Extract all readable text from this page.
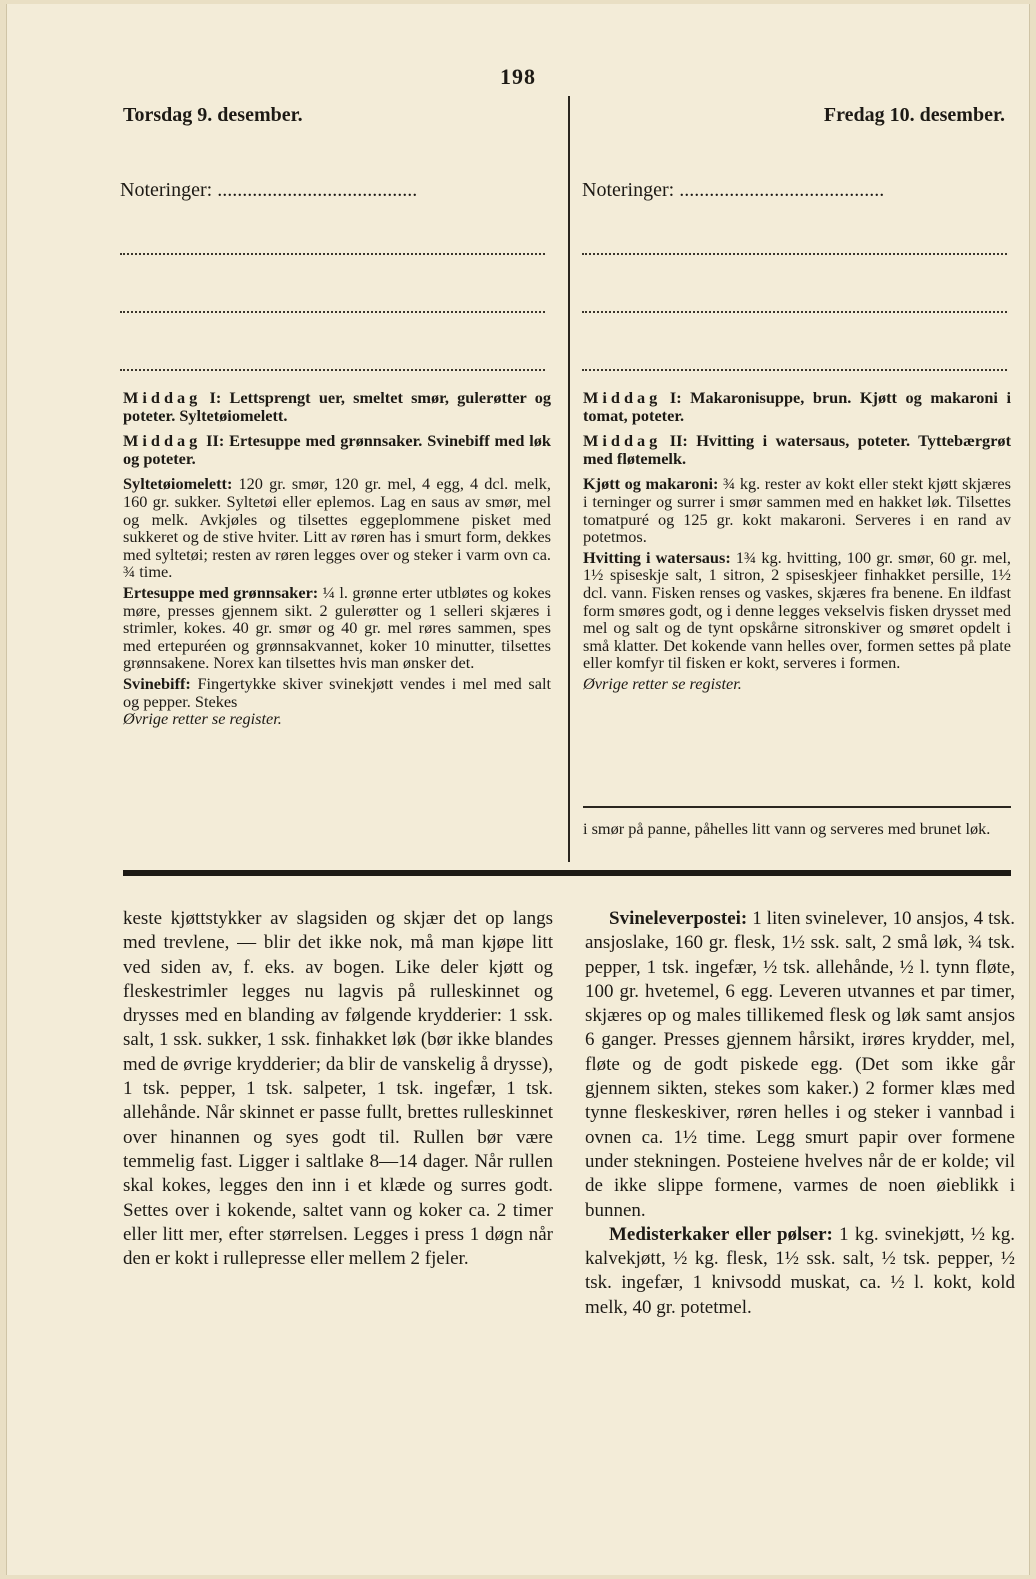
198
Torsdag 9. desember.	Fredag 10. desember.
Noteringer: ........................................	Noteringer: .........................................

Middag I: Lettsprengt uer, smeltet smør, gulerøtter og poteter. Syltetøiomelett.

Middag II: Ertesuppe med grønnsaker. Svinebiff med løk og poteter.

Syltetøiomelett: 120 gr. smør, 120 gr. mel, 4 egg, 4 dcl. melk, 160 gr. sukker. Syltetøi eller eplemos. Lag en saus av smør, mel og melk. Avkjøles og tilsettes eggeplommene pisket med sukkeret og de stive hviter. Litt av røren has i smurt form, dekkes med syltetøi; resten av røren legges over og steker i varm ovn ca. ¾ time.

Ertesuppe med grønnsaker: ¼ l. grønne erter utbløtes og kokes møre, presses gjennem sikt. 2 gulerøtter og 1 selleri skjæres i strimler, kokes. 40 gr. smør og 40 gr. mel røres sammen, spes med ertepuréen og grønnsakvannet, koker 10 minutter, tilsettes grønnsakene. Norex kan tilsettes hvis man ønsker det.

Svinebiff: Fingertykke skiver svinekjøtt vendes i mel med salt og pepper. Stekes

Øvrige retter se register.

Middag I: Makaronisuppe, brun. Kjøtt og makaroni i tomat, poteter.

Middag II: Hvitting i watersaus, poteter. Tyttebærgrøt med fløtemelk.

Kjøtt og makaroni: ¾ kg. rester av kokt eller stekt kjøtt skjæres i terninger og surrer i smør sammen med en hakket løk. Tilsettes tomatpuré og 125 gr. kokt makaroni. Serveres i en rand av potetmos.

Hvitting i watersaus: 1¾ kg. hvitting, 100 gr. smør, 60 gr. mel, 1½ spiseskje salt, 1 sitron, 2 spiseskjeer finhakket persille, 1½ dcl. vann. Fisken renses og vaskes, skjæres fra benene. En ildfast form smøres godt, og i denne legges vekselvis fisken drysset med mel og salt og de tynt opskårne sitronskiver og smøret opdelt i små klatter. Det kokende vann helles over, formen settes på plate eller komfyr til fisken er kokt, serveres i formen.

Øvrige retter se register.

i smør på panne, påhelles litt vann og serveres med brunet løk.

keste kjøttstykker av slagsiden og skjær det op langs med trevlene, — blir det ikke nok, må man kjøpe litt ved siden av, f. eks. av bogen. Like deler kjøtt og fleskestrimler legges nu lagvis på rulleskinnet og drysses med en blanding av følgende krydderier: 1 ssk. salt, 1 ssk. sukker, 1 ssk. finhakket løk (bør ikke blandes med de øvrige krydderier; da blir de vanskelig å drysse), 1 tsk. pepper, 1 tsk. salpeter, 1 tsk. ingefær, 1 tsk. allehånde. Når skinnet er passe fullt, brettes rulleskinnet over hinannen og syes godt til. Rullen bør være temmelig fast. Ligger i saltlake 8—14 dager. Når rullen skal kokes, legges den inn i et klæde og surres godt. Settes over i kokende, saltet vann og koker ca. 2 timer eller litt mer, efter størrelsen. Legges i press 1 døgn når den er kokt i rullepresse eller mellem 2 fjeler.

Svineleverpostei: 1 liten svinelever, 10 ansjos, 4 tsk. ansjoslake, 160 gr. flesk, 1½ ssk. salt, 2 små løk, ¾ tsk. pepper, 1 tsk. ingefær, ½ tsk. allehånde, ½ l. tynn fløte, 100 gr. hvetemel, 6 egg. Leveren utvannes et par timer, skjæres op og males tillikemed flesk og løk samt ansjos 6 ganger. Presses gjennem hårsikt, irøres krydder, mel, fløte og de godt piskede egg. (Det som ikke går gjennem sikten, stekes som kaker.) 2 former klæs med tynne fleskeskiver, røren helles i og steker i vannbad i ovnen ca. 1½ time. Legg smurt papir over formene under stekningen. Posteiene hvelves når de er kolde; vil de ikke slippe formene, varmes de noen øieblikk i bunnen.

Medisterkaker eller pølser: 1 kg. svinekjøtt, ½ kg. kalvekjøtt, ½ kg. flesk, 1½ ssk. salt, ½ tsk. pepper, ½ tsk. ingefær, 1 knivsodd muskat, ca. ½ l. kokt, kold melk, 40 gr. potetmel.
